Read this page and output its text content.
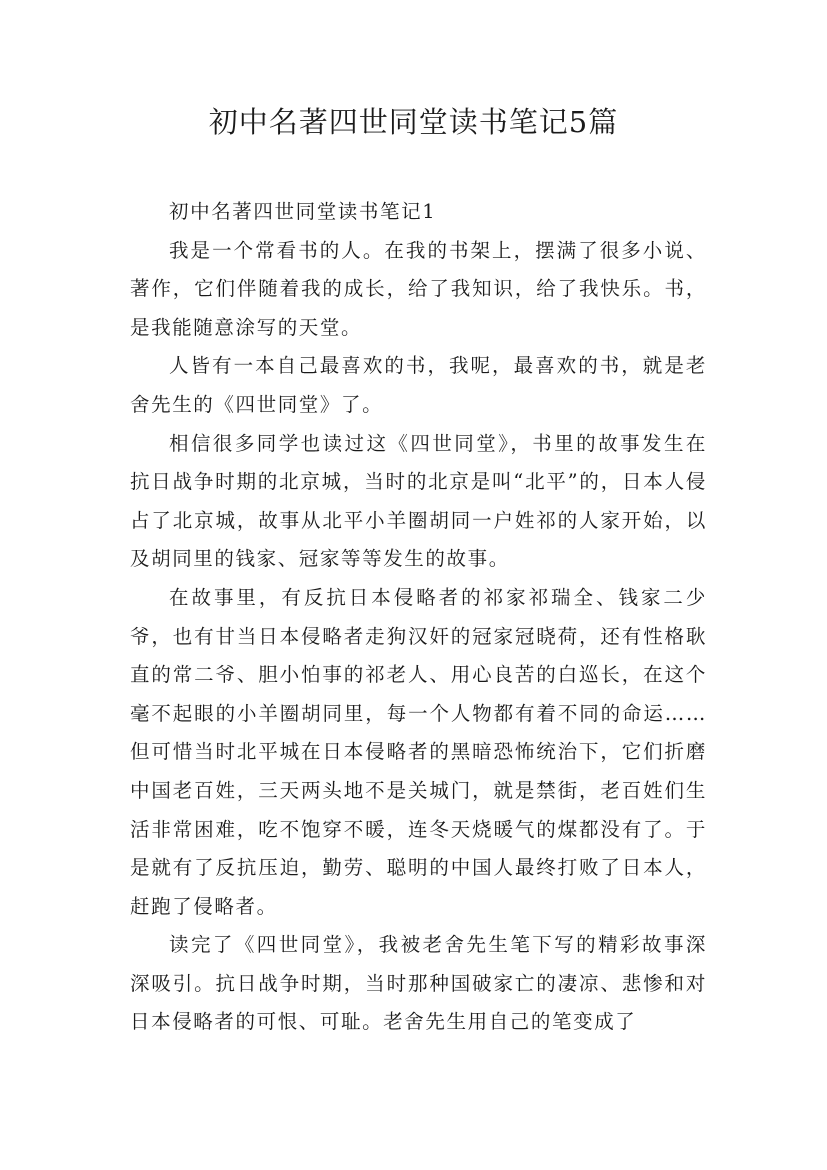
初中名著四世同堂读书笔记5篇

初中名著四世同堂读书笔记1

我是一个常看书的人。在我的书架上，摆满了很多小说、著作，它们伴随着我的成长，给了我知识，给了我快乐。书，是我能随意涂写的天堂。

人皆有一本自己最喜欢的书，我呢，最喜欢的书，就是老舍先生的《四世同堂》了。

相信很多同学也读过这《四世同堂》，书里的故事发生在抗日战争时期的北京城，当时的北京是叫“北平”的，日本人侵占了北京城，故事从北平小羊圈胡同一户姓祁的人家开始，以及胡同里的钱家、冠家等等发生的故事。

在故事里，有反抗日本侵略者的祁家祁瑞全、钱家二少爷，也有甘当日本侵略者走狗汉奸的冠家冠晓荷，还有性格耿直的常二爷、胆小怕事的祁老人、用心良苦的白巡长，在这个毫不起眼的小羊圈胡同里，每一个人物都有着不同的命运……但可惜当时北平城在日本侵略者的黑暗恐怖统治下，它们折磨中国老百姓，三天两头地不是关城门，就是禁街，老百姓们生活非常困难，吃不饱穿不暖，连冬天烧暖气的煤都没有了。于是就有了反抗压迫，勤劳、聪明的中国人最终打败了日本人，赶跑了侵略者。

读完了《四世同堂》，我被老舍先生笔下写的精彩故事深深吸引。抗日战争时期，当时那种国破家亡的凄凉、悲惨和对日本侵略者的可恨、可耻。老舍先生用自己的笔变成了
